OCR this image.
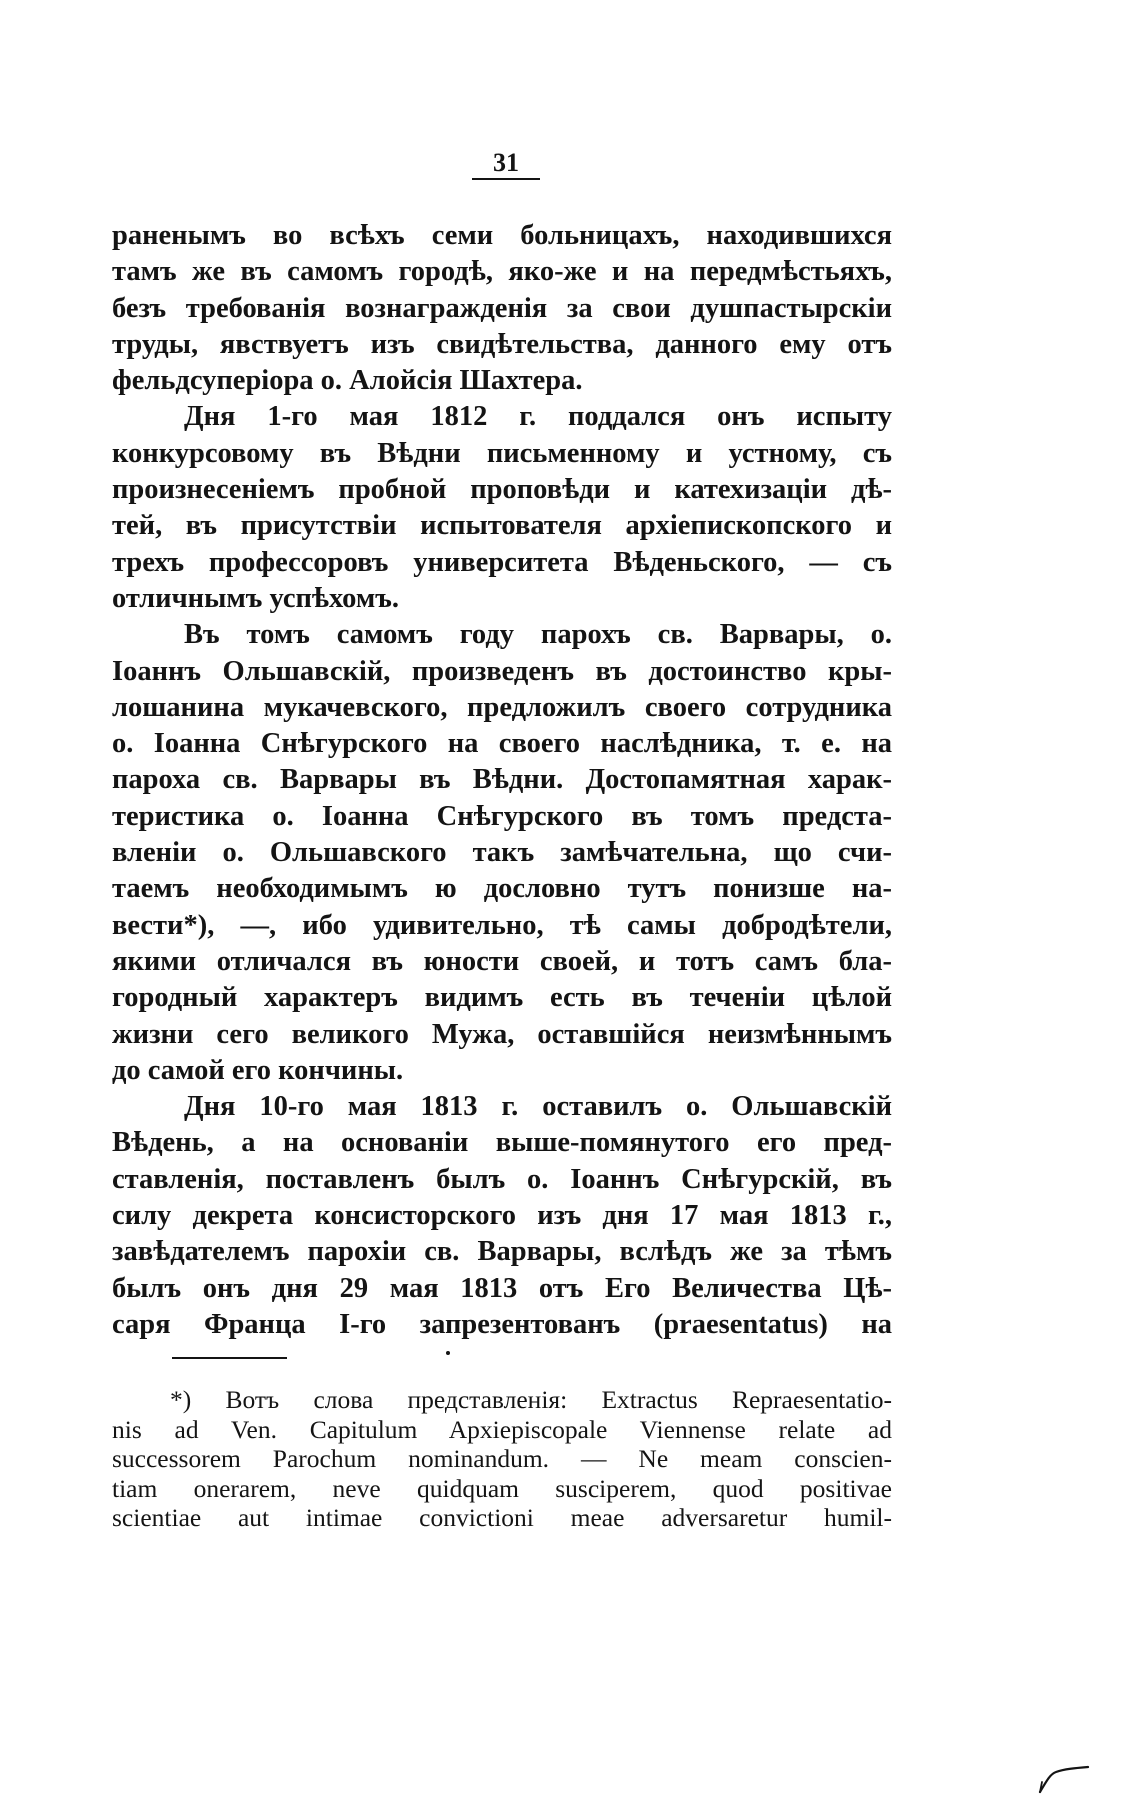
31
раненымъ во всѣхъ семи больницахъ, находившихся
тамъ же въ самомъ городѣ, яко-же и на передмѣстьяхъ,
безъ требованія вознагражденія за свои душпастырскіи
труды, явствуетъ изъ свидѣтельства, данного ему отъ
фельдсуперіора о. Алойсія Шахтера.
Дня 1-го мая 1812 г. поддался онъ испыту
конкурсовому въ Вѣдни письменному и устному, съ
произнесеніемъ пробной проповѣди и катехизаціи дѣ-
тей, въ присутствіи испытователя архіепископского и
трехъ профессоровъ университета Вѣденьского, — съ
отличнымъ успѣхомъ.
Въ томъ самомъ году парохъ св. Варвары, о.
Іоаннъ Ольшавскій, произведенъ въ достоинство кры-
лошанина мукачевского, предложилъ своего сотрудника
о. Іоанна Снѣгурского на своего наслѣдника, т. е. на
пароха св. Варвары въ Вѣдни. Достопамятная харак-
теристика о. Іоанна Снѣгурского въ томъ предста-
вленіи о. Ольшавского такъ замѣчательна, що счи-
таемъ необходимымъ ю дословно тутъ понизше на-
вести*), —, ибо удивительно, тѣ самы добродѣтели,
якими отличался въ юности своей, и тотъ самъ бла-
городный характеръ видимъ есть въ теченіи цѣлой
жизни сего великого Мужа, оставшійся неизмѣннымъ
до самой его кончины.
Дня 10-го мая 1813 г. оставилъ о. Ольшавскій
Вѣдень, а на основаніи выше-помянутого его пред-
ставленія, поставленъ былъ о. Іоаннъ Снѣгурскій, въ
силу декрета консисторского изъ дня 17 мая 1813 г.,
завѣдателемъ парохіи св. Варвары, вслѣдъ же за тѣмъ
былъ онъ дня 29 мая 1813 отъ Его Величества Цѣ-
саря Франца I-го запрезентованъ (praesentatus) на
*) Вотъ слова представленія: Extractus Repraesentatio-
nis ad Ven. Capitulum Apxiepiscopale Viennense relate ad
successorem Parochum nominandum. — Ne meam conscien-
tiam onerarem, neve quidquam susciperem, quod positivae
scientiae aut intimae convictioni meae adversaretur humil-
